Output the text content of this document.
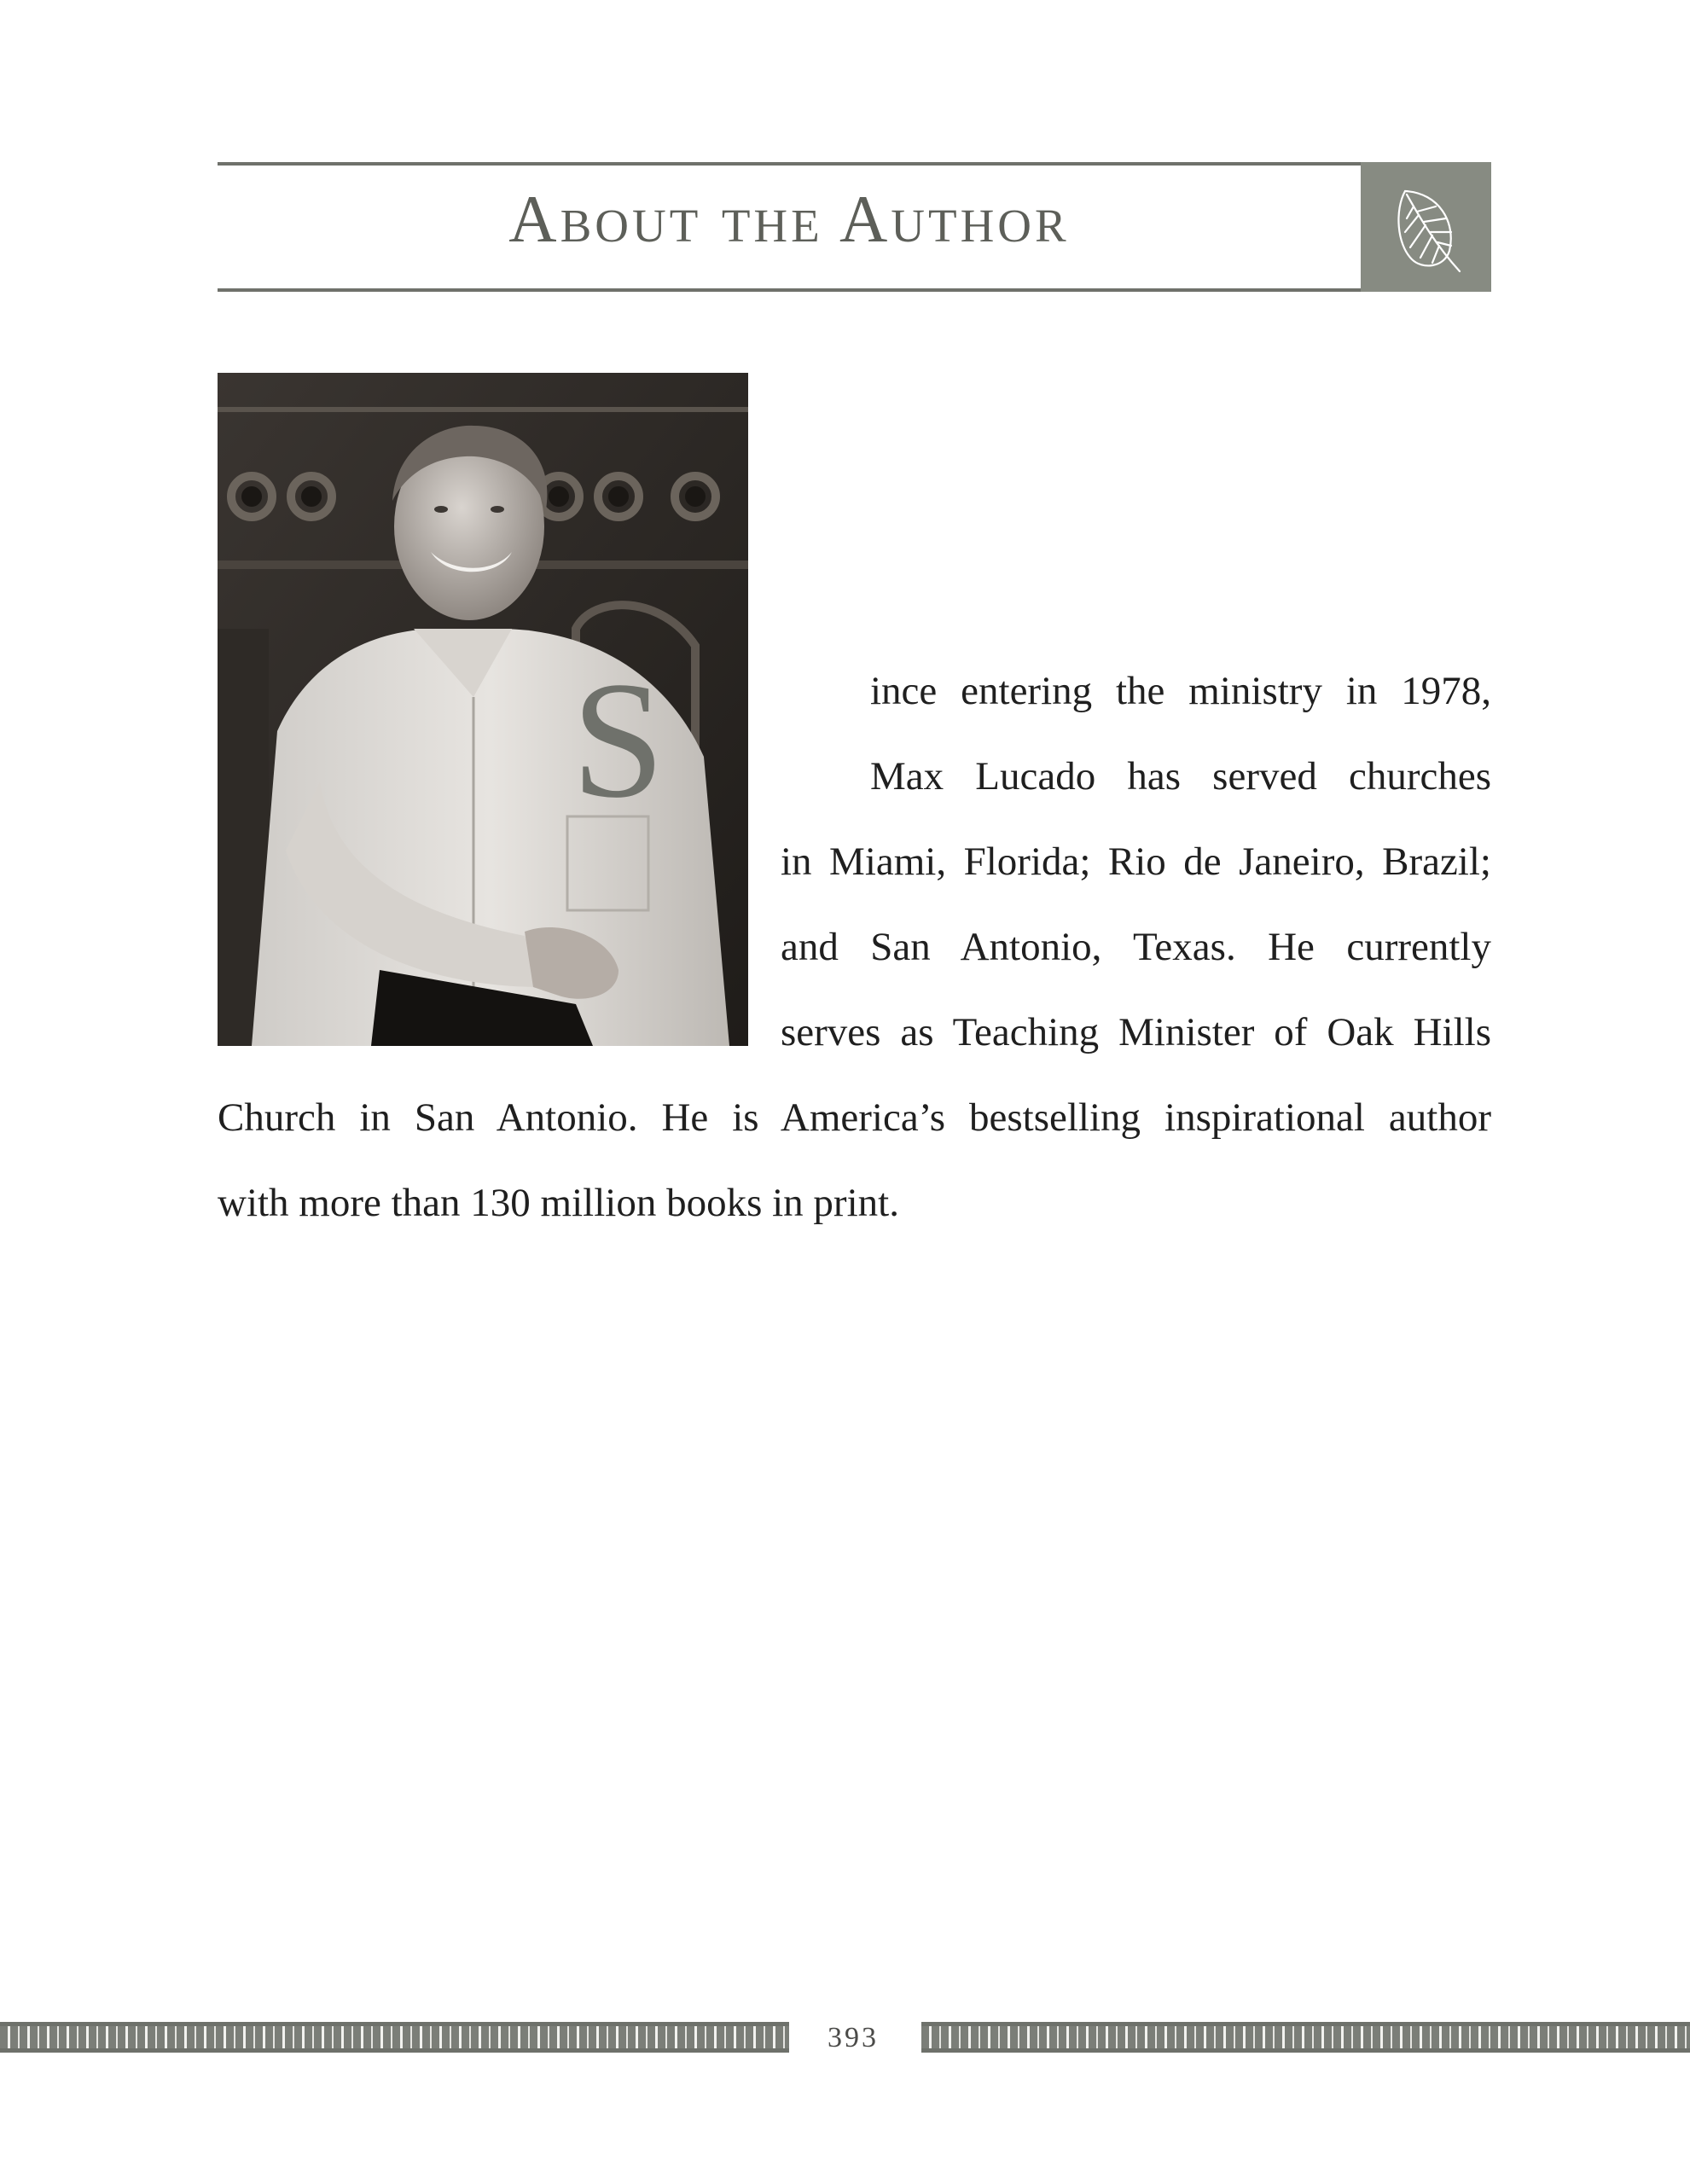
About the Author
S	ince entering the ministry in 1978,
Max Lucado has served churches
in Miami, Florida; Rio de Janeiro, Brazil;
and San Antonio, Texas. He currently
serves as Teaching Minister of Oak Hills
Church in San Antonio. He is America’s bestselling inspirational author
with more than 130 million books in print.
393
